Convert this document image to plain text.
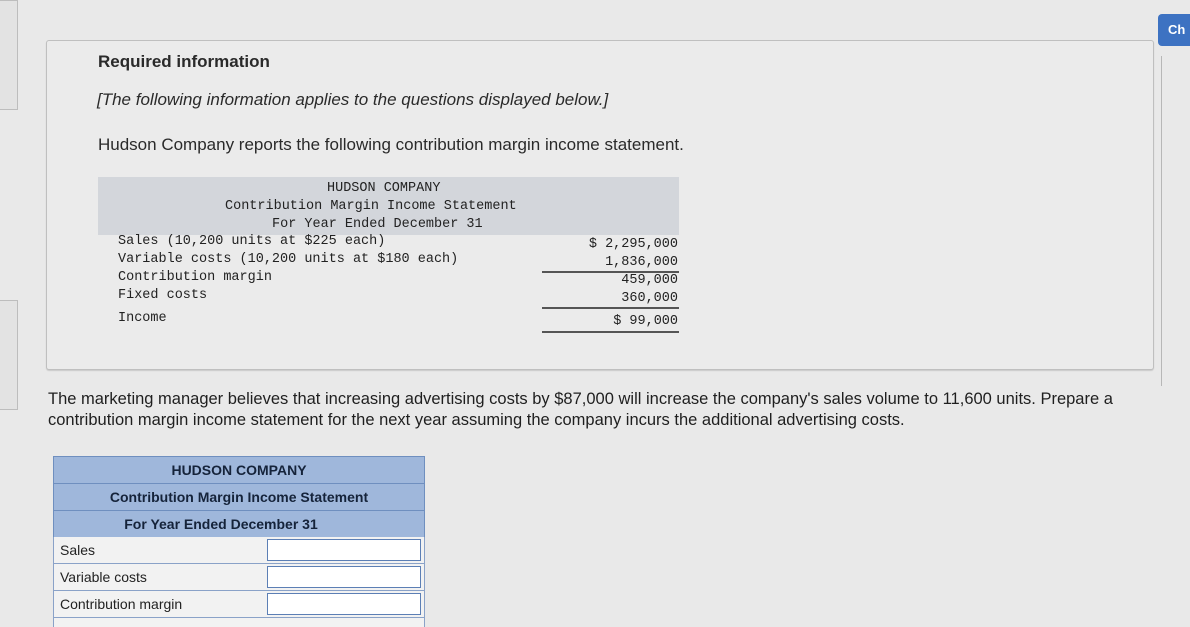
Ch
Required information
[The following information applies to the questions displayed below.]
Hudson Company reports the following contribution margin income statement.
HUDSON COMPANY
Contribution Margin Income Statement
For Year Ended December 31
Sales (10,200 units at $225 each)	$ 2,295,000
Variable costs (10,200 units at $180 each)	1,836,000
Contribution margin	459,000
Fixed costs	360,000
Income	$ 99,000
The marketing manager believes that increasing advertising costs by $87,000 will increase the company's sales volume to 11,600 units. Prepare a contribution margin income statement for the next year assuming the company incurs the additional advertising costs.
HUDSON COMPANY
Contribution Margin Income Statement
For Year Ended December 31
Sales
Variable costs
Contribution margin
